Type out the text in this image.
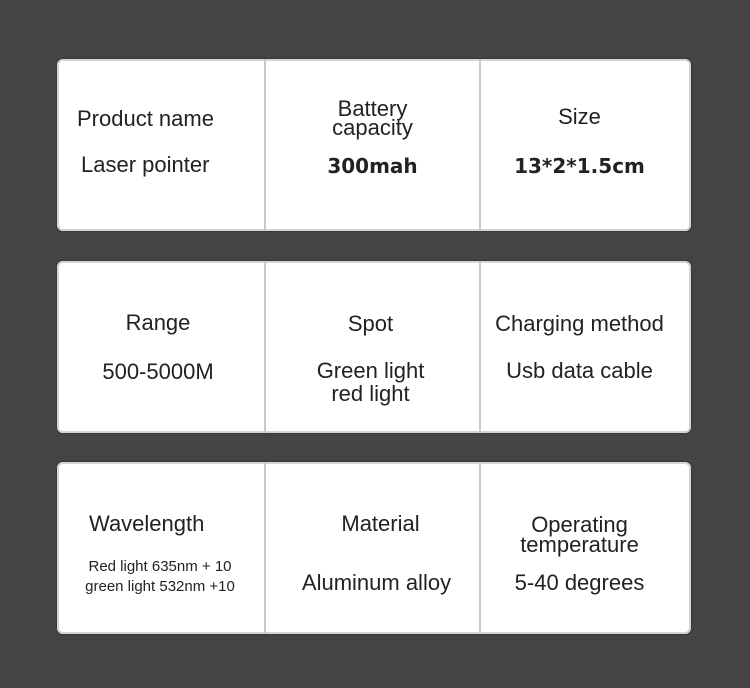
Product name
Laser pointer
Battery
capacity
300mah
Size
13*2*1.5cm
Range
500-5000M
Spot
Green light
red light
Charging method
Usb data cable
Wavelength
Red light 635nm + 10
green light 532nm +10
Material
Aluminum alloy
Operating
temperature
5-40 degrees
